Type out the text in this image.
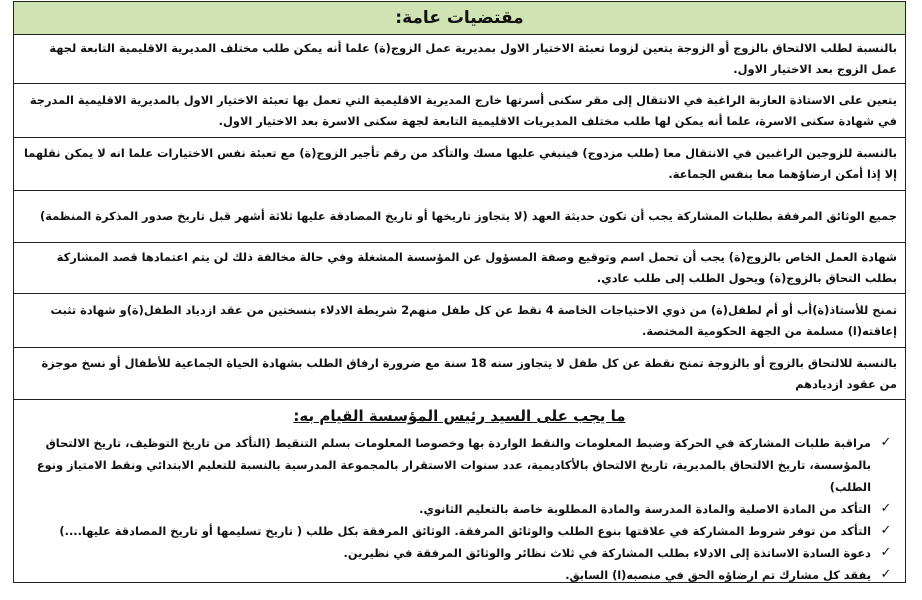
مقتضيات عامة:
بالنسبة لطلب الالتحاق بالزوج أو الزوجة يتعين لزوما تعبئة الاختيار الاول بمديرية عمل الزوج(ة) علما أنه يمكن طلب مختلف المديرية الاقليمية التابعة لجهة عمل الزوج بعد الاختيار الاول.
يتعين على الاستاذة العازبة الراغبة في الانتقال إلى مقر سكنى أسرتها خارج المديرية الاقليمية التي تعمل بها تعبئة الاختيار الاول بالمديرية الاقليمية المدرجة في شهادة سكنى الاسرة، علما أنه يمكن لها طلب مختلف المديريات الاقليمية التابعة لجهة سكنى الاسرة بعد الاختيار الاول.
بالنسبة للزوجين الراغبين في الانتقال معا (طلب مزدوج) فينبغي عليها مسك والتأكد من رقم تأجير الزوج(ة) مع تعبئة نفس الاختيارات علما انه لا يمكن نقلهما إلا إذا أمكن ارضاؤهما معا بنفس الجماعة.
جميع الوثائق المرفقة بطلبات المشاركة يجب أن تكون حديثة العهد (لا يتجاوز تاريخها أو تاريخ المصادقة عليها ثلاثة أشهر قبل تاريخ صدور المذكرة المنظمة)
شهادة العمل الخاص بالزوج(ة) يجب أن تحمل اسم وتوقيع وصفة المسؤول عن المؤسسة المشغلة وفي حالة مخالفة ذلك لن يتم اعتمادها قصد المشاركة بطلب التحاق بالزوج(ة) ويحول الطلب إلى طلب عادي.
تمنح للأستاذ(ة)أب أو أم لطفل(ة) من ذوي الاحتياجات الخاصة 4 نقط عن كل طفل منهم2 شريطة الادلاء بنسختين من عقد ازدياد الطفل(ة)و شهادة تثبت إعاقته(ا) مسلمة من الجهة الحكومية المختصة.
بالنسبة للالتحاق بالزوج أو بالزوجة تمنح نقطة عن كل طفل لا يتجاوز سنه 18 سنة مع ضرورة ارفاق الطلب بشهادة الحياة الجماعية للأطفال أو نسخ موجزة من عقود ازديادهم
ما يجب على السيد رئيس المؤسسة القيام به:
✓
مراقبة طلبات المشاركة في الحركة وضبط المعلومات والنقط الواردة بها وخصوصا المعلومات بسلم التنقيط (التأكد من تاريخ التوظيف، تاريخ الالتحاق بالمؤسسة، تاريخ الالتحاق بالمديرية، تاريخ الالتحاق بالأكاديمية، عدد سنوات الاستقرار بالمجموعة المدرسية بالنسبة للتعليم الابتدائي ونقط الامتياز ونوع الطلب)
✓
التأكد من المادة الاصلية والمادة المدرسة والمادة المطلوبة خاصة بالتعليم الثانوي.
✓
التأكد من توفر شروط المشاركة في علاقتها بنوع الطلب والوثائق المرفقة. الوثائق المرفقة بكل طلب ( تاريخ تسليمها أو تاريخ المصادقة عليها....)
✓
دعوة السادة الاساتذة إلى الادلاء بطلب المشاركة في ثلاث نظائر والوثائق المرفقة في نظيرين.
✓
يفقد كل مشارك تم ارضاؤه الحق في منصبه(ا) السابق.
